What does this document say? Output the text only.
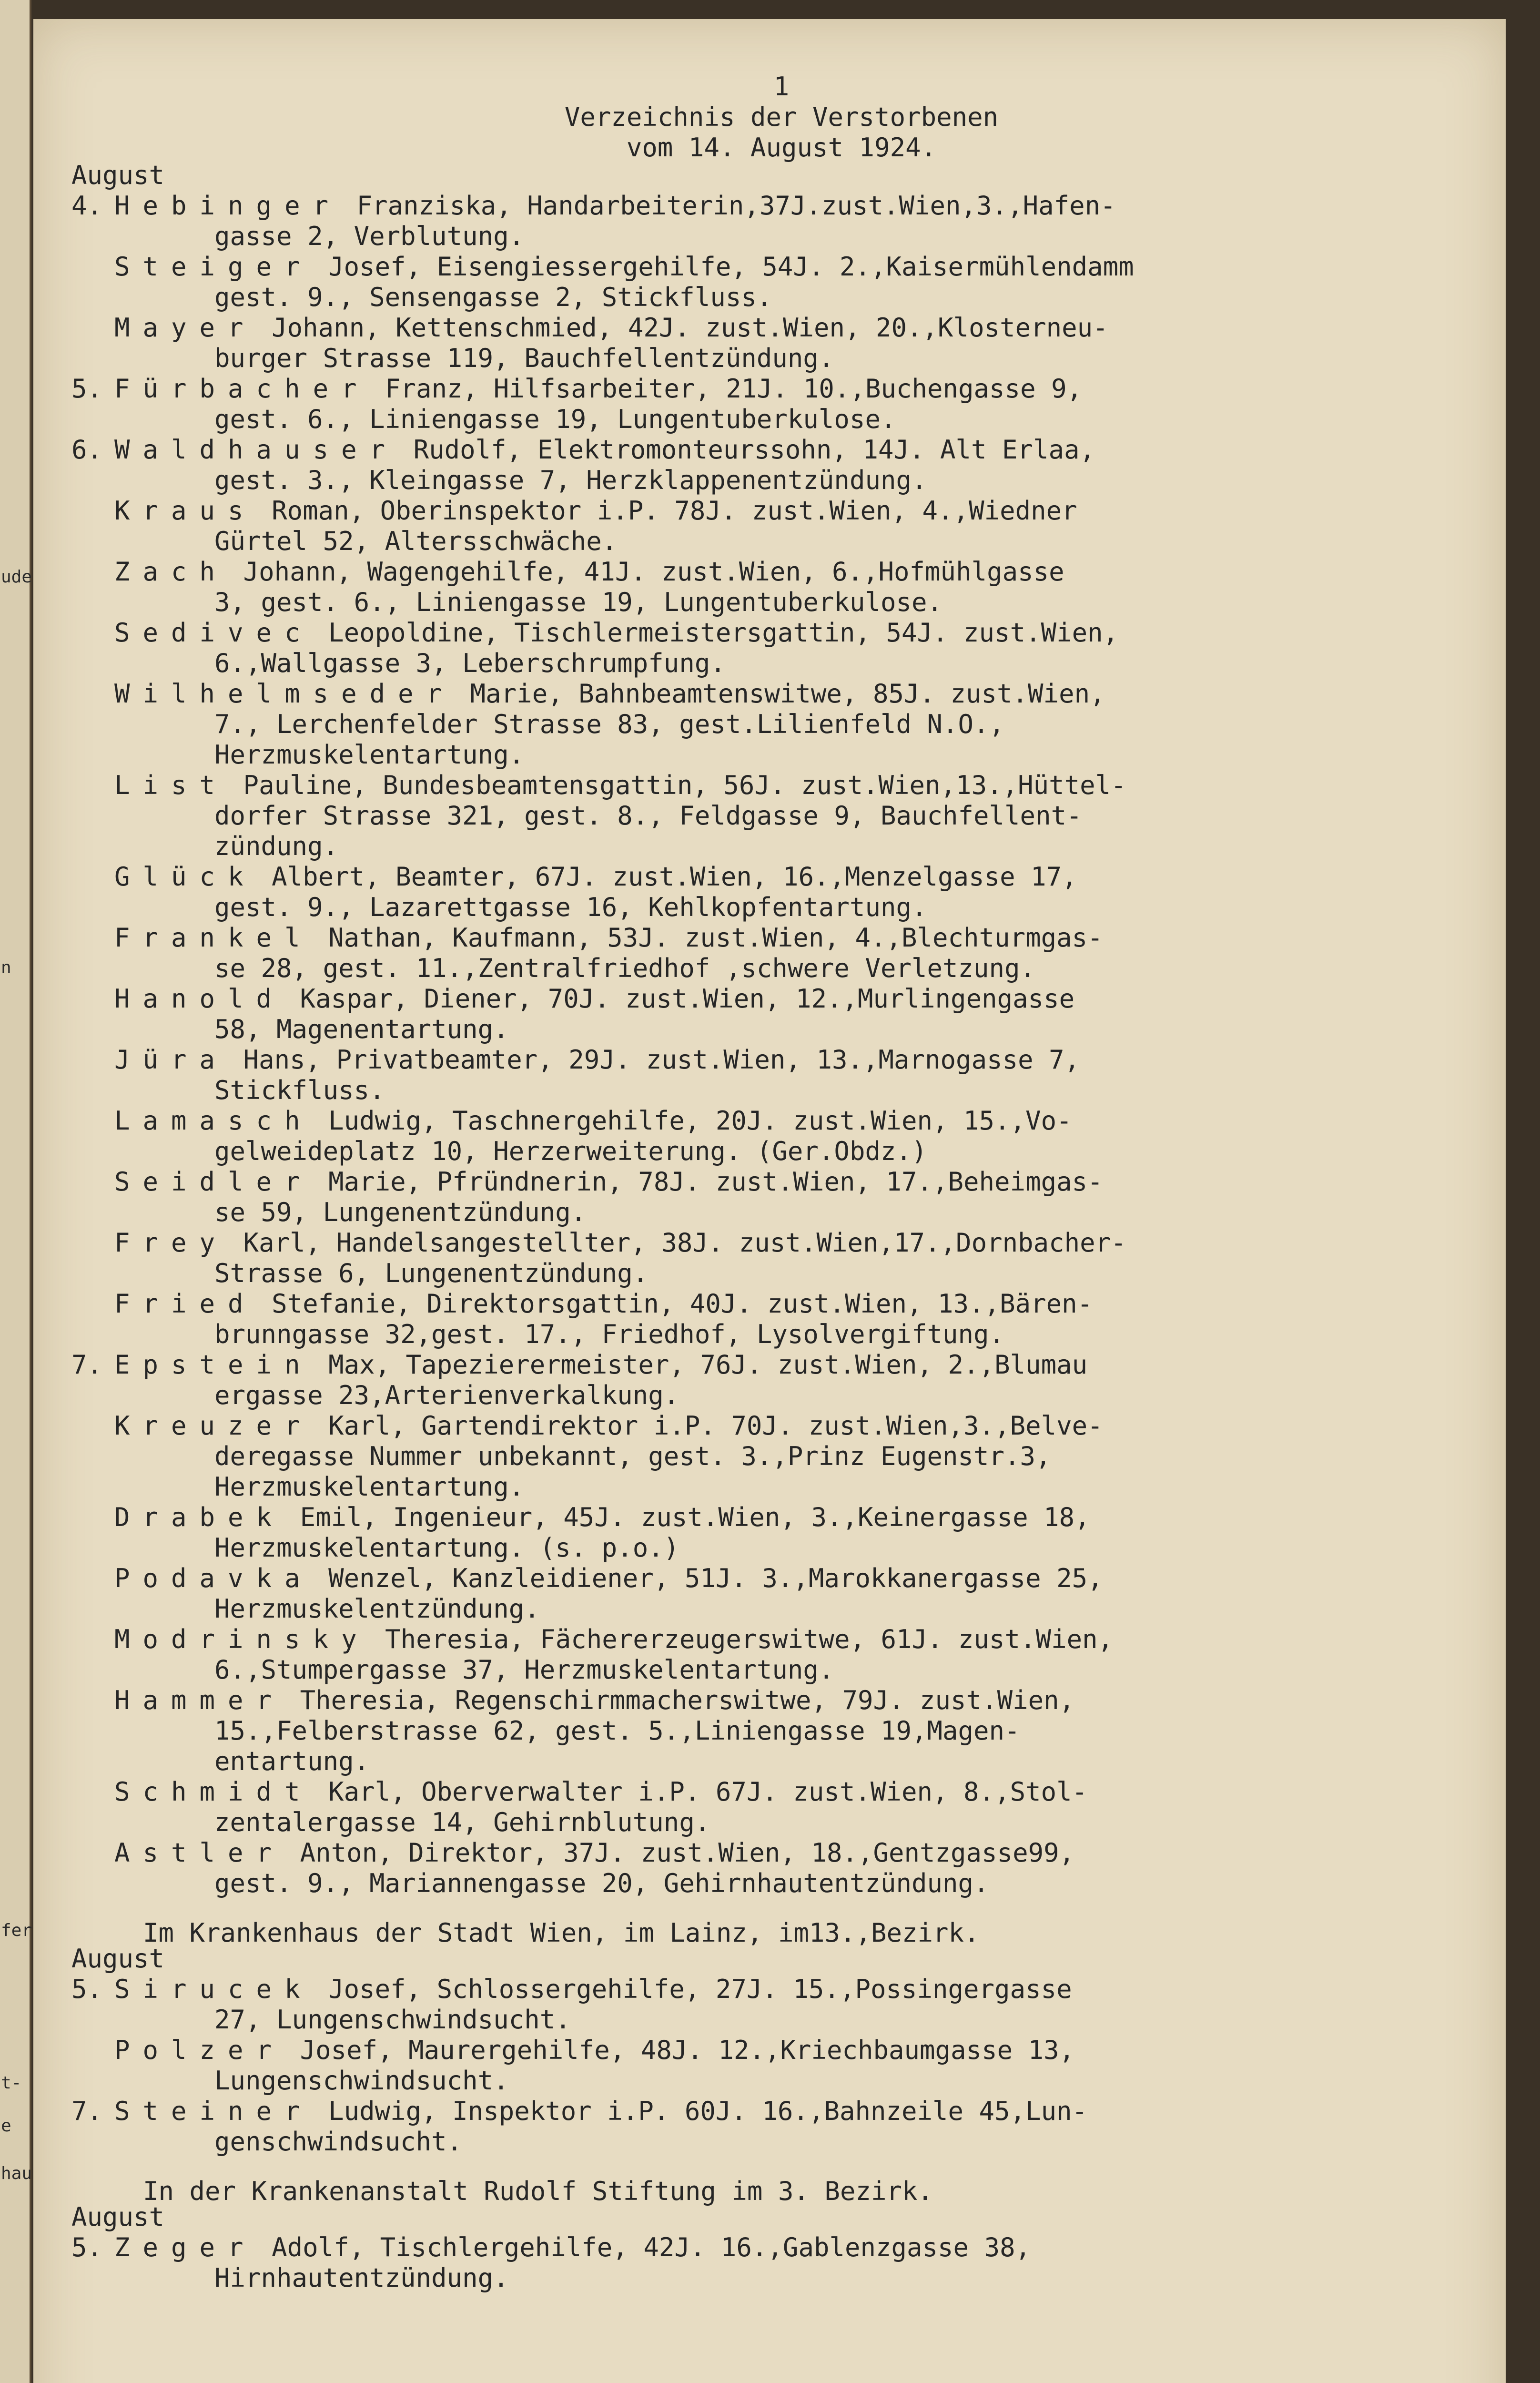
ude
n
fer
t-
e
hau
1
Verzeichnis der Verstorbenen
vom 14. August 1924.
August
4. Hebinger Franziska, Handarbeiterin,37J.zust.Wien,3.,Hafen-
gasse 2, Verblutung.
Steiger Josef, Eisengiessergehilfe, 54J. 2.,Kaisermühlendamm
gest. 9., Sensengasse 2, Stickfluss.
Mayer Johann, Kettenschmied, 42J. zust.Wien, 20.,Klosterneu-
burger Strasse 119, Bauchfellentzündung.
5. Fürbacher Franz, Hilfsarbeiter, 21J. 10.,Buchengasse 9,
gest. 6., Liniengasse 19, Lungentuberkulose.
6. Waldhauser Rudolf, Elektromonteurssohn, 14J. Alt Erlaa,
gest. 3., Kleingasse 7, Herzklappenentzündung.
Kraus Roman, Oberinspektor i.P. 78J. zust.Wien, 4.,Wiedner
Gürtel 52, Altersschwäche.
Zach Johann, Wagengehilfe, 41J. zust.Wien, 6.,Hofmühlgasse
3, gest. 6., Liniengasse 19, Lungentuberkulose.
Sedivec Leopoldine, Tischlermeistersgattin, 54J. zust.Wien,
6.,Wallgasse 3, Leberschrumpfung.
Wilhelmseder Marie, Bahnbeamtenswitwe, 85J. zust.Wien,
7., Lerchenfelder Strasse 83, gest.Lilienfeld N.O.,
Herzmuskelentartung.
List Pauline, Bundesbeamtensgattin, 56J. zust.Wien,13.,Hüttel-
dorfer Strasse 321, gest. 8., Feldgasse 9, Bauchfellent-
zündung.
Glück Albert, Beamter, 67J. zust.Wien, 16.,Menzelgasse 17,
gest. 9., Lazarettgasse 16, Kehlkopfentartung.
Frankel Nathan, Kaufmann, 53J. zust.Wien, 4.,Blechturmgas-
se 28, gest. 11.,Zentralfriedhof ,schwere Verletzung.
Hanold Kaspar, Diener, 70J. zust.Wien, 12.,Murlingengasse
58, Magenentartung.
Jüra Hans, Privatbeamter, 29J. zust.Wien, 13.,Marnogasse 7,
Stickfluss.
Lamasch Ludwig, Taschnergehilfe, 20J. zust.Wien, 15.,Vo-
gelweideplatz 10, Herzerweiterung. (Ger.Obdz.)
Seidler Marie, Pfründnerin, 78J. zust.Wien, 17.,Beheimgas-
se 59, Lungenentzündung.
Frey Karl, Handelsangestellter, 38J. zust.Wien,17.,Dornbacher-
Strasse 6, Lungenentzündung.
Fried Stefanie, Direktorsgattin, 40J. zust.Wien, 13.,Bären-
brunngasse 32,gest. 17., Friedhof, Lysolvergiftung.
7. Epstein Max, Tapezierermeister, 76J. zust.Wien, 2.,Blumau
ergasse 23,Arterienverkalkung.
Kreuzer Karl, Gartendirektor i.P. 70J. zust.Wien,3.,Belve-
deregasse Nummer unbekannt, gest. 3.,Prinz Eugenstr.3,
Herzmuskelentartung.
Drabek Emil, Ingenieur, 45J. zust.Wien, 3.,Keinergasse 18,
Herzmuskelentartung. (s. p.o.)
Podavka Wenzel, Kanzleidiener, 51J. 3.,Marokkanergasse 25,
Herzmuskelentzündung.
Modrinsky Theresia, Fächererzeugerswitwe, 61J. zust.Wien,
6.,Stumpergasse 37, Herzmuskelentartung.
Hammer Theresia, Regenschirmmacherswitwe, 79J. zust.Wien,
15.,Felberstrasse 62, gest. 5.,Liniengasse 19,Magen-
entartung.
Schmidt Karl, Oberverwalter i.P. 67J. zust.Wien, 8.,Stol-
zentalergasse 14, Gehirnblutung.
Astler Anton, Direktor, 37J. zust.Wien, 18.,Gentzgasse99,
gest. 9., Mariannengasse 20, Gehirnhautentzündung.
Im Krankenhaus der Stadt Wien, im Lainz, im13.,Bezirk.
August
5. Sirucek Josef, Schlossergehilfe, 27J. 15.,Possingergasse
27, Lungenschwindsucht.
Polzer Josef, Maurergehilfe, 48J. 12.,Kriechbaumgasse 13,
Lungenschwindsucht.
7. Steiner Ludwig, Inspektor i.P. 60J. 16.,Bahnzeile 45,Lun-
genschwindsucht.
In der Krankenanstalt Rudolf Stiftung im 3. Bezirk.
August
5. Zeger Adolf, Tischlergehilfe, 42J. 16.,Gablenzgasse 38,
Hirnhautentzündung.
